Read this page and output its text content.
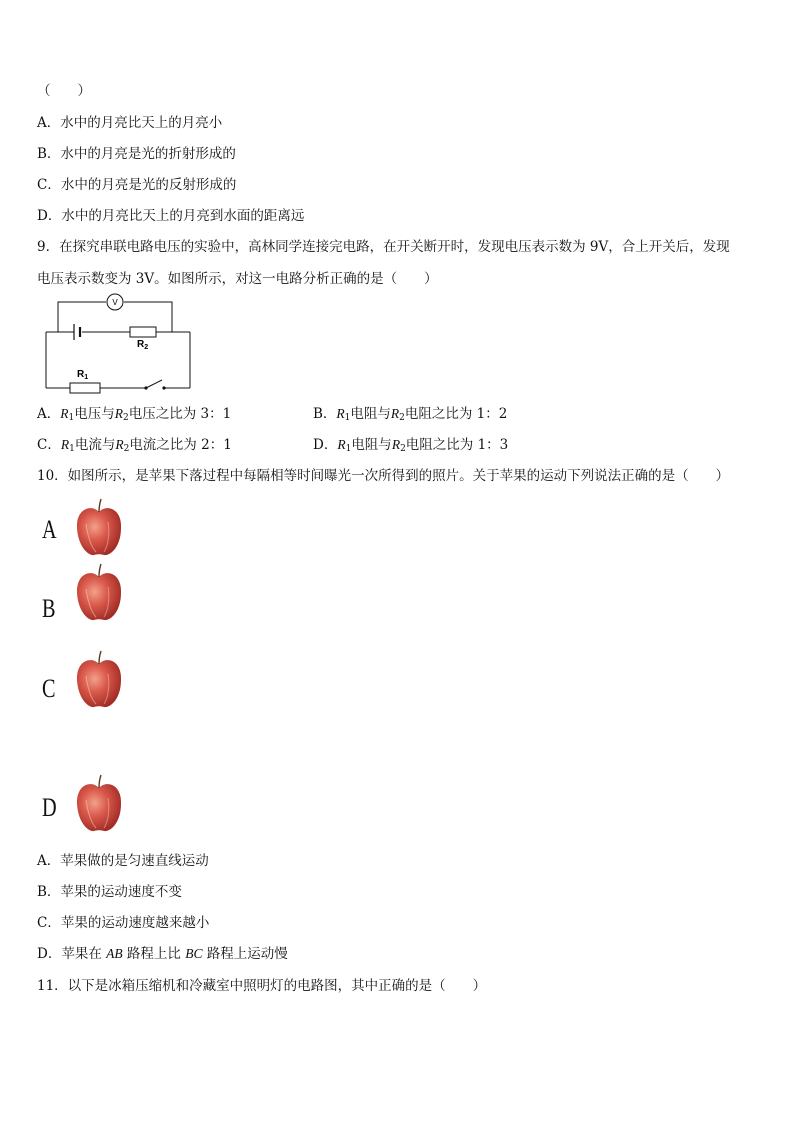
（　　）
A．水中的月亮比天上的月亮小
B．水中的月亮是光的折射形成的
C．水中的月亮是光的反射形成的
D．水中的月亮比天上的月亮到水面的距离远
9．在探究串联电路电压的实验中，高林同学连接完电路，在开关断开时，发现电压表示数为 9V，合上开关后，发现
电压表示数变为 3V。如图所示，对这一电路分析正确的是（　　）
V
$R_2$
$R_1$
A．$R_1$电压与$R_2$电压之比为 3：1	B．$R_1$电阻与$R_2$电阻之比为 1：2
C．$R_1$电流与$R_2$电流之比为 2：1	D．$R_1$电阻与$R_2$电阻之比为 1：3
10．如图所示，是苹果下落过程中每隔相等时间曝光一次所得到的照片。关于苹果的运动下列说法正确的是（　　）
A
B
C
D
A．苹果做的是匀速直线运动
B．苹果的运动速度不变
C．苹果的运动速度越来越小
D．苹果在 AB 路程上比 BC 路程上运动慢
11．以下是冰箱压缩机和冷藏室中照明灯的电路图，其中正确的是（　　）
